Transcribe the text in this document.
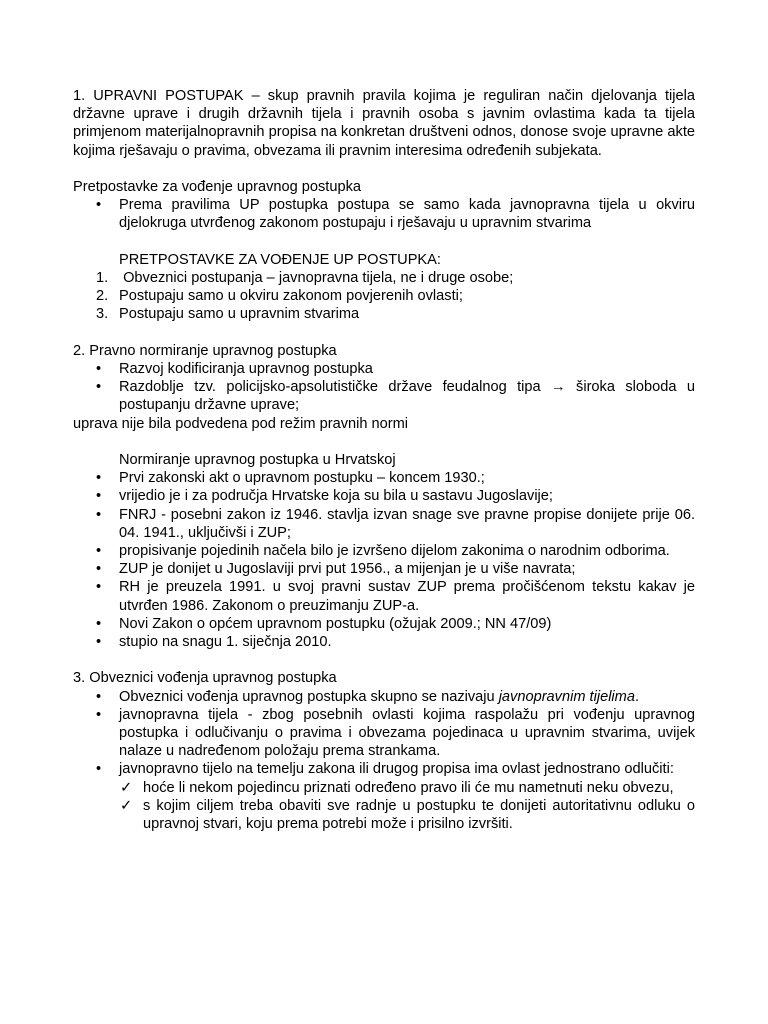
1. UPRAVNI POSTUPAK – skup pravnih pravila kojima je reguliran način djelovanja tijela državne uprave i drugih državnih tijela i pravnih osoba s javnim ovlastima kada ta tijela primjenom materijalnopravnih propisa na konkretan društveni odnos, donose svoje upravne akte kojima rješavaju o pravima, obvezama ili pravnim interesima određenih subjekata.

Pretpostavke za vođenje upravnog postupka

• Prema pravilima UP postupka postupa se samo kada javnopravna tijela u okviru djelokruga utvrđenog zakonom postupaju i rješavaju u upravnim stvarima

PRETPOSTAVKE ZA VOĐENJE UP POSTUPKA:

1. Obveznici postupanja – javnopravna tijela, ne i druge osobe;
2. Postupaju samo u okviru zakonom povjerenih ovlasti;
3. Postupaju samo u upravnim stvarima

2. Pravno normiranje upravnog postupka

• Razvoj kodificiranja upravnog postupka
• Razdoblje tzv. policijsko-apsolutističke države feudalnog tipa → široka sloboda u postupanju državne uprave;

uprava nije bila podvedena pod režim pravnih normi

Normiranje upravnog postupka u Hrvatskoj

• Prvi zakonski akt o upravnom postupku – koncem 1930.;
• vrijedio je i za područja Hrvatske koja su bila u sastavu Jugoslavije;
• FNRJ - posebni zakon iz 1946. stavlja izvan snage sve pravne propise donijete prije 06. 04. 1941., uključivši i ZUP;
• propisivanje pojedinih načela bilo je izvršeno dijelom zakonima o narodnim odborima.
• ZUP je donijet u Jugoslaviji prvi put 1956., a mijenjan je u više navrata;
• RH je preuzela 1991. u svoj pravni sustav ZUP prema pročišćenom tekstu kakav je utvrđen 1986. Zakonom o preuzimanju ZUP-a.
• Novi Zakon o općem upravnom postupku (ožujak 2009.; NN 47/09)
• stupio na snagu 1. siječnja 2010.

3. Obveznici vođenja upravnog postupka

• Obveznici vođenja upravnog postupka skupno se nazivaju javnopravnim tijelima.
• javnopravna tijela - zbog posebnih ovlasti kojima raspolažu pri vođenju upravnog postupka i odlučivanju o pravima i obvezama pojedinaca u upravnim stvarima, uvijek nalaze u nadređenom položaju prema strankama.
• javnopravno tijelo na temelju zakona ili drugog propisa ima ovlast jednostrano odlučiti:
✓ hoće li nekom pojedincu priznati određeno pravo ili će mu nametnuti neku obvezu,
✓ s kojim ciljem treba obaviti sve radnje u postupku te donijeti autoritativnu odluku o upravnoj stvari, koju prema potrebi može i prisilno izvršiti.
